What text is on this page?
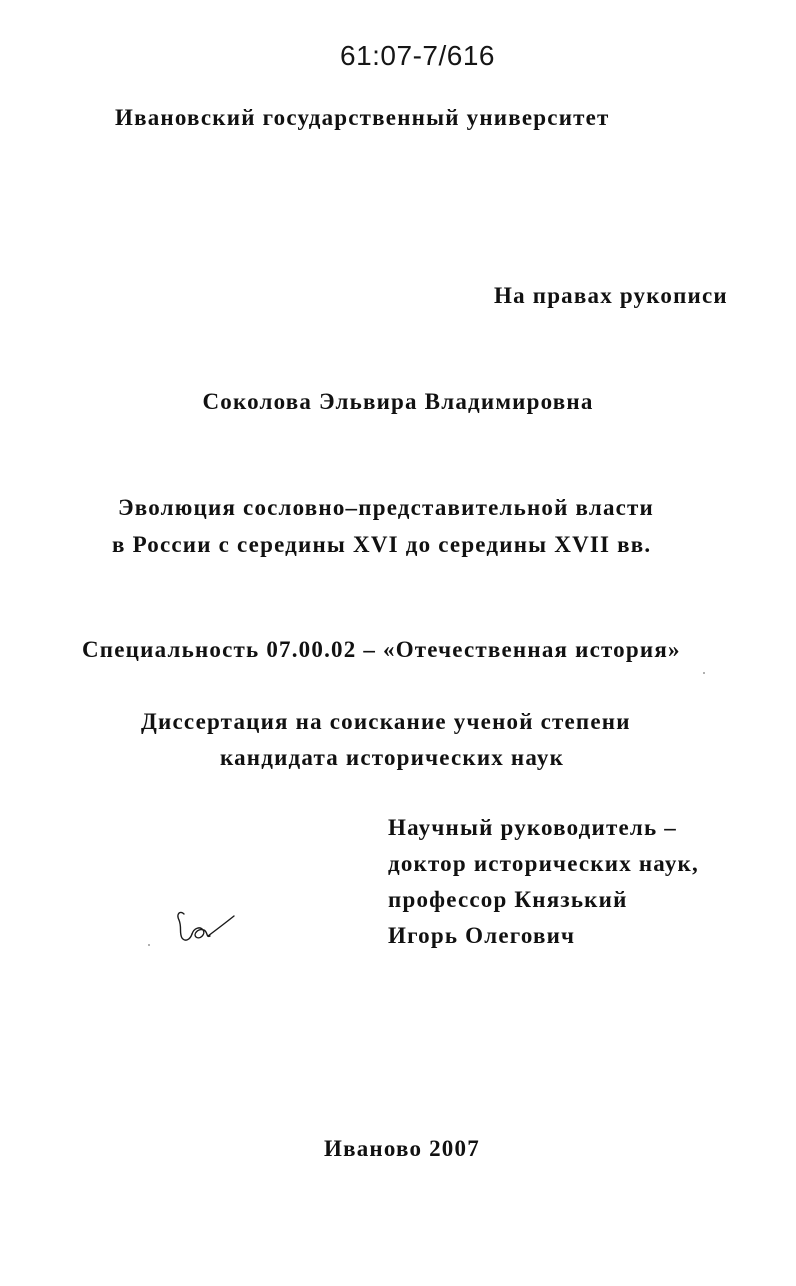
61:07-7/616
Ивановский государственный университет
На правах рукописи
Соколова Эльвира Владимировна
Эволюция сословно–представительной власти
в России с середины XVI до середины XVII вв.
Специальность 07.00.02 – «Отечественная история»
Диссертация на соискание ученой степени
кандидата исторических наук
Научный руководитель –
доктор исторических наук,
профессор Князький
Игорь Олегович
Иваново 2007
